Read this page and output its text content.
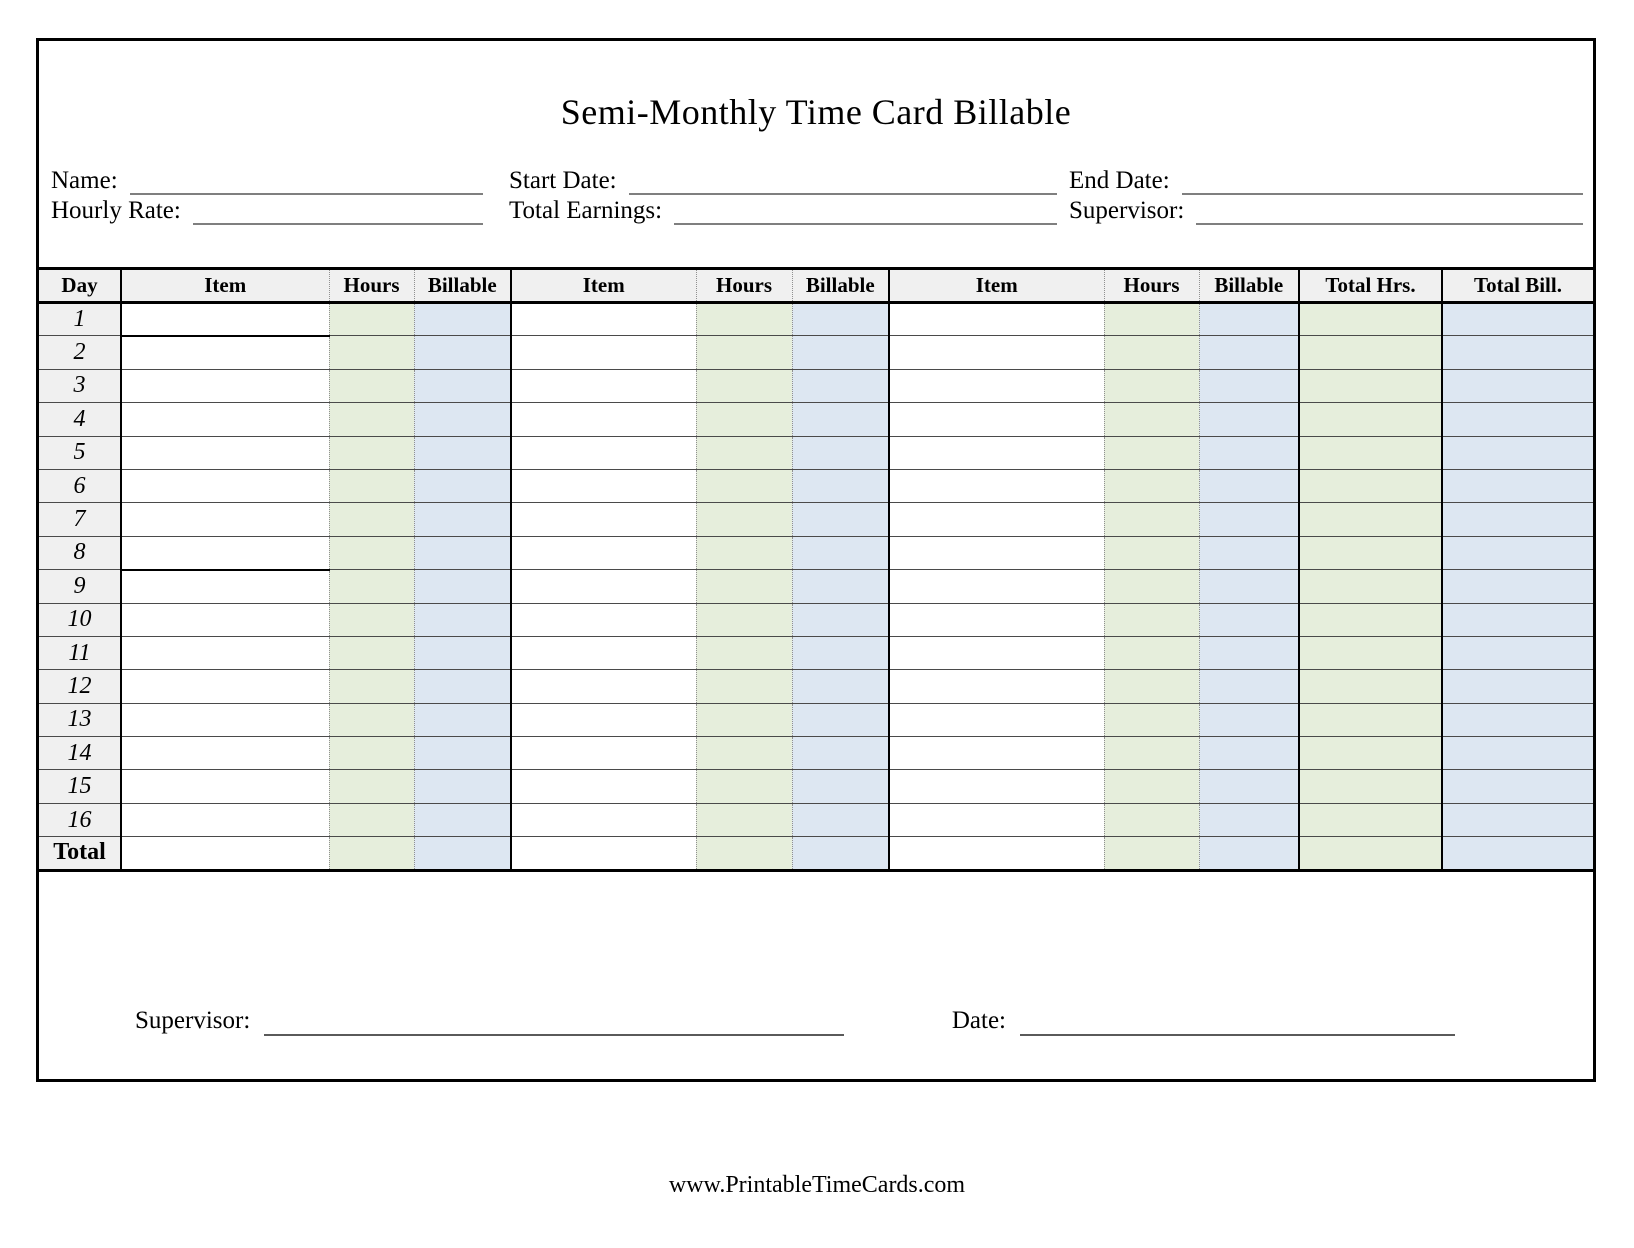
Semi-Monthly Time Card Billable
Name:	Start Date:	End Date:
Hourly Rate:	Total Earnings:	Supervisor:
Day	Item	Hours	Billable	Item	Hours	Billable	Item	Hours	Billable	Total Hrs.	Total Bill.
1											
2											
3											
4											
5											
6											
7											
8											
9											
10											
11											
12											
13											
14											
15											
16											
Total											
Supervisor:	Date:
www.PrintableTimeCards.com
